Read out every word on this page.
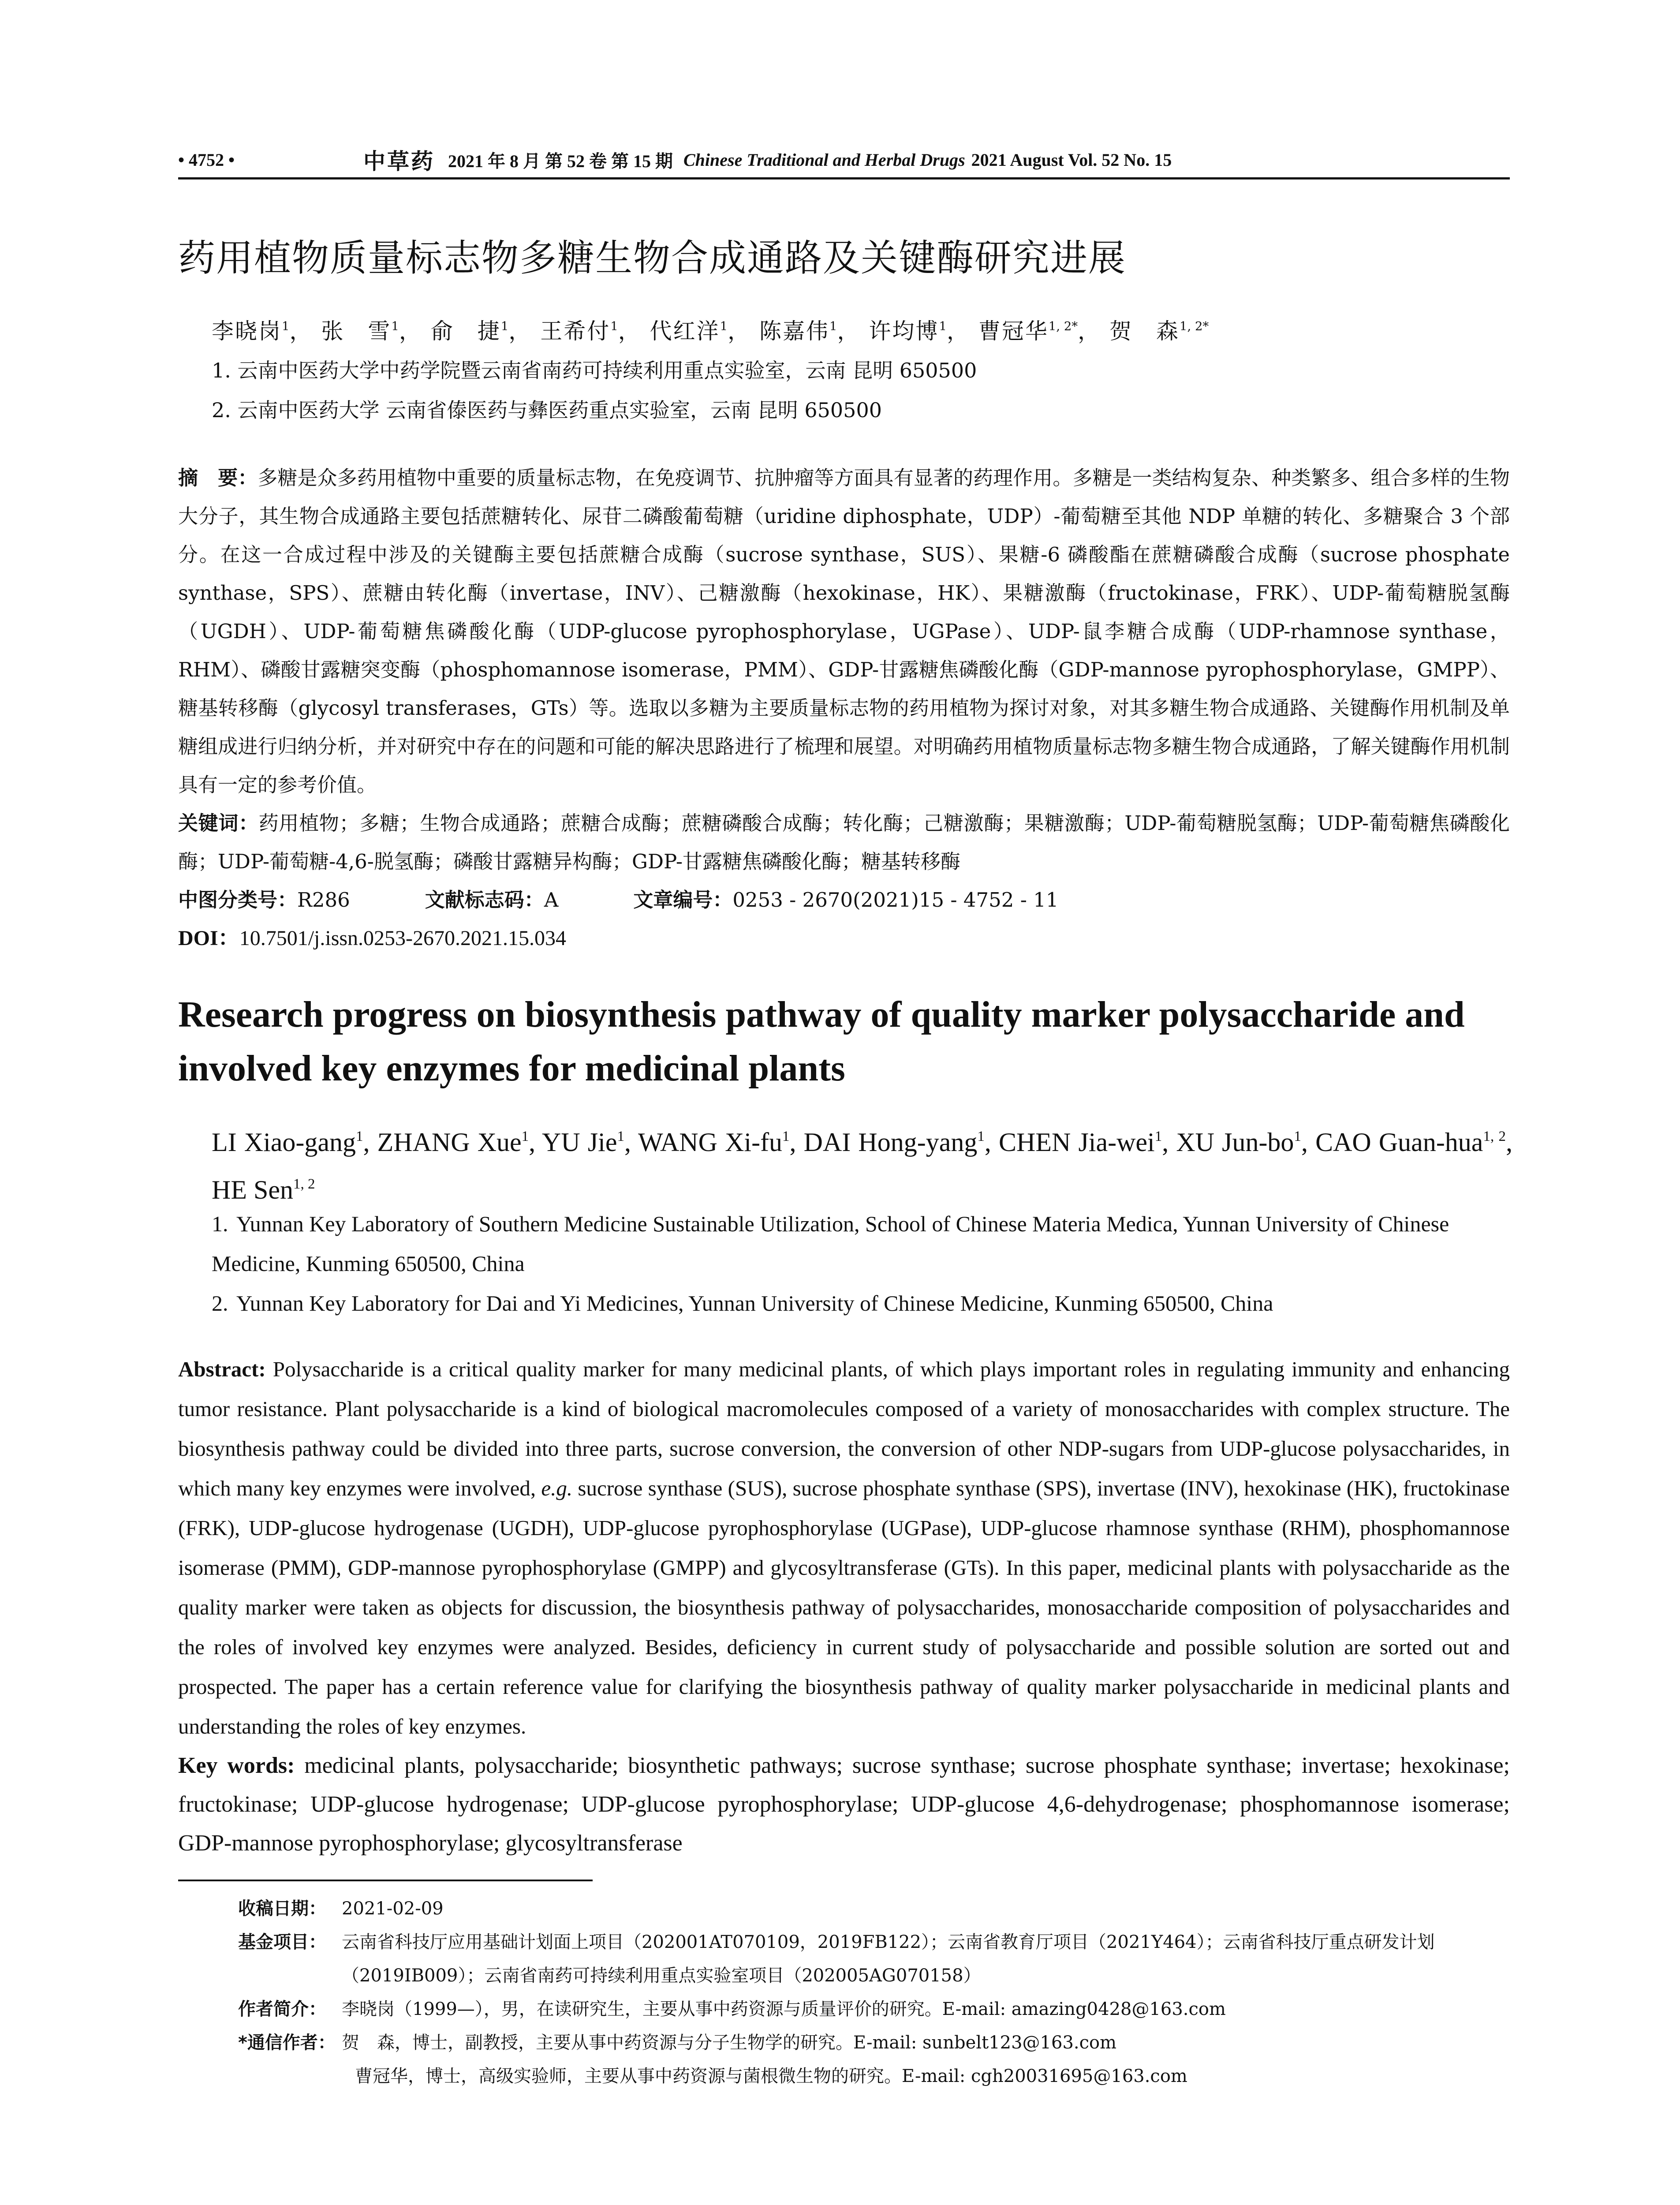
• 4752 •	中草药 2021 年 8 月 第 52 卷 第 15 期 Chinese Traditional and Herbal Drugs 2021 August Vol. 52 No. 15
药用植物质量标志物多糖生物合成通路及关键酶研究进展
李晓岗$^1$， 张　雪$^1$， 俞　捷$^1$， 王希付$^1$， 代红洋$^1$， 陈嘉伟$^1$， 许均博$^1$， 曹冠华$^{1, 2*}$， 贺　森$^{1, 2*}$
1. 云南中医药大学中药学院暨云南省南药可持续利用重点实验室，云南 昆明 650500
2. 云南中医药大学 云南省傣医药与彝医药重点实验室，云南 昆明 650500

摘　要：多糖是众多药用植物中重要的质量标志物，在免疫调节、抗肿瘤等方面具有显著的药理作用。多糖是一类结构复杂、种类繁多、组合多样的生物大分子，其生物合成通路主要包括蔗糖转化、尿苷二磷酸葡萄糖（uridine diphosphate，UDP）-葡萄糖至其他 NDP 单糖的转化、多糖聚合 3 个部分。在这一合成过程中涉及的关键酶主要包括蔗糖合成酶（sucrose synthase，SUS）、果糖-6 磷酸酯在蔗糖磷酸合成酶（sucrose phosphate synthase，SPS）、蔗糖由转化酶（invertase，INV）、己糖激酶（hexokinase，HK）、果糖激酶（fructokinase，FRK）、UDP-葡萄糖脱氢酶（UGDH）、UDP-葡萄糖焦磷酸化酶（UDP-glucose pyrophosphorylase，UGPase）、UDP-鼠李糖合成酶（UDP-rhamnose synthase，RHM）、磷酸甘露糖突变酶（phosphomannose isomerase，PMM）、GDP-甘露糖焦磷酸化酶（GDP-mannose pyrophosphorylase，GMPP）、糖基转移酶（glycosyl transferases，GTs）等。选取以多糖为主要质量标志物的药用植物为探讨对象，对其多糖生物合成通路、关键酶作用机制及单糖组成进行归纳分析，并对研究中存在的问题和可能的解决思路进行了梳理和展望。对明确药用植物质量标志物多糖生物合成通路，了解关键酶作用机制具有一定的参考价值。

关键词：药用植物；多糖；生物合成通路；蔗糖合成酶；蔗糖磷酸合成酶；转化酶；己糖激酶；果糖激酶；UDP-葡萄糖脱氢酶；UDP-葡萄糖焦磷酸化酶；UDP-葡萄糖-4,6-脱氢酶；磷酸甘露糖异构酶；GDP-甘露糖焦磷酸化酶；糖基转移酶

中图分类号： R286	文献标志码： A	文章编号： 0253 - 2670(2021)15 - 4752 - 11

DOI：10.7501/j.issn.0253-2670.2021.15.034

Research progress on biosynthesis pathway of quality marker polysaccharide and involved key enzymes for medicinal plants
LI Xiao-gang$^1$, ZHANG Xue$^1$, YU Jie$^1$, WANG $Xi-fu^1$, DAI Hong-yang$^1$, CHEN Jia-wei$^1$, XU Jun-$bo^1$, CAO Guan-hua$^{1, 2}$, HE Sen$^{1, 2}$
1. Yunnan Key Laboratory of Southern Medicine Sustainable Utilization, School of Chinese Materia Medica, Yunnan University of Chinese Medicine, Kunming 650500, China
2. Yunnan Key Laboratory for Dai and Yi Medicines, Yunnan University of Chinese Medicine, Kunming 650500, China

Abstract: Polysaccharide is a critical quality marker for many medicinal plants, of which plays important roles in regulating immunity and enhancing tumor resistance. Plant polysaccharide is a kind of biological macromolecules composed of a variety of monosaccharides with complex structure. The biosynthesis pathway could be divided into three parts, sucrose conversion, the conversion of other NDP-sugars from UDP-glucose polysaccharides, in which many key enzymes were involved, e.g. sucrose synthase (SUS), sucrose phosphate synthase (SPS), invertase (INV), hexokinase (HK), fructokinase (FRK), UDP-glucose hydrogenase (UGDH), UDP-glucose pyrophosphorylase (UGPase), UDP-glucose rhamnose synthase (RHM), phosphomannose isomerase (PMM), GDP-mannose pyrophosphorylase (GMPP) and glycosyltransferase (GTs). In this paper, medicinal plants with polysaccharide as the quality marker were taken as objects for discussion, the biosynthesis pathway of polysaccharides, monosaccharide composition of polysaccharides and the roles of involved key enzymes were analyzed. Besides, deficiency in current study of polysaccharide and possible solution are sorted out and prospected. The paper has a certain reference value for clarifying the biosynthesis pathway of quality marker polysaccharide in medicinal plants and understanding the roles of key enzymes.

Key words: medicinal plants, polysaccharide; biosynthetic pathways; sucrose synthase; sucrose phosphate synthase; invertase; hexokinase; fructokinase; UDP-glucose hydrogenase; UDP-glucose pyrophosphorylase; UDP-glucose 4,6-dehydrogenase; phosphomannose isomerase; GDP-mannose pyrophosphorylase; glycosyltransferase

收稿日期： 2021-02-09
基金项目： 云南省科技厅应用基础计划面上项目（202001AT070109，2019FB122）；云南省教育厅项目（2021Y464）；云南省科技厅重点研发计划（2019IB009）；云南省南药可持续利用重点实验室项目（202005AG070158）
作者简介： 李晓岗（1999—），男，在读研究生，主要从事中药资源与质量评价的研究。E-mail: amazing0428@163.com
*通信作者： 贺　森，博士，副教授，主要从事中药资源与分子生物学的研究。E-mail: sunbelt123@163.com
曹冠华，博士，高级实验师，主要从事中药资源与菌根微生物的研究。E-mail: cgh20031695@163.com
